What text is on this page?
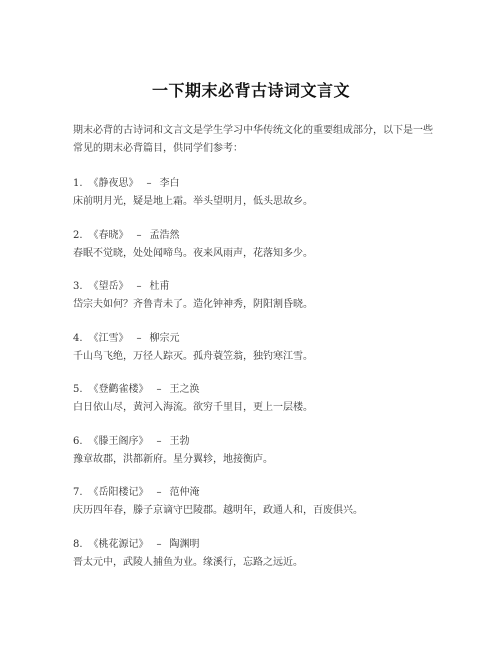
一下期末必背古诗词文言文
期末必背的古诗词和文言文是学生学习中华传统文化的重要组成部分，以下是一些常见的期末必背篇目，供同学们参考：
1. 《静夜思》 – 李白
床前明月光，疑是地上霜。举头望明月，低头思故乡。
2. 《春晓》 – 孟浩然
春眠不觉晓，处处闻啼鸟。夜来风雨声，花落知多少。
3. 《望岳》 – 杜甫
岱宗夫如何？齐鲁青未了。造化钟神秀，阴阳割昏晓。
4. 《江雪》 – 柳宗元
千山鸟飞绝，万径人踪灭。孤舟蓑笠翁，独钓寒江雪。
5. 《登鹳雀楼》 – 王之涣
白日依山尽，黄河入海流。欲穷千里目，更上一层楼。
6. 《滕王阁序》 – 王勃
豫章故郡，洪都新府。星分翼轸，地接衡庐。
7. 《岳阳楼记》 – 范仲淹
庆历四年春，滕子京谪守巴陵郡。越明年，政通人和，百废俱兴。
8. 《桃花源记》 – 陶渊明
晋太元中，武陵人捕鱼为业。缘溪行，忘路之远近。
